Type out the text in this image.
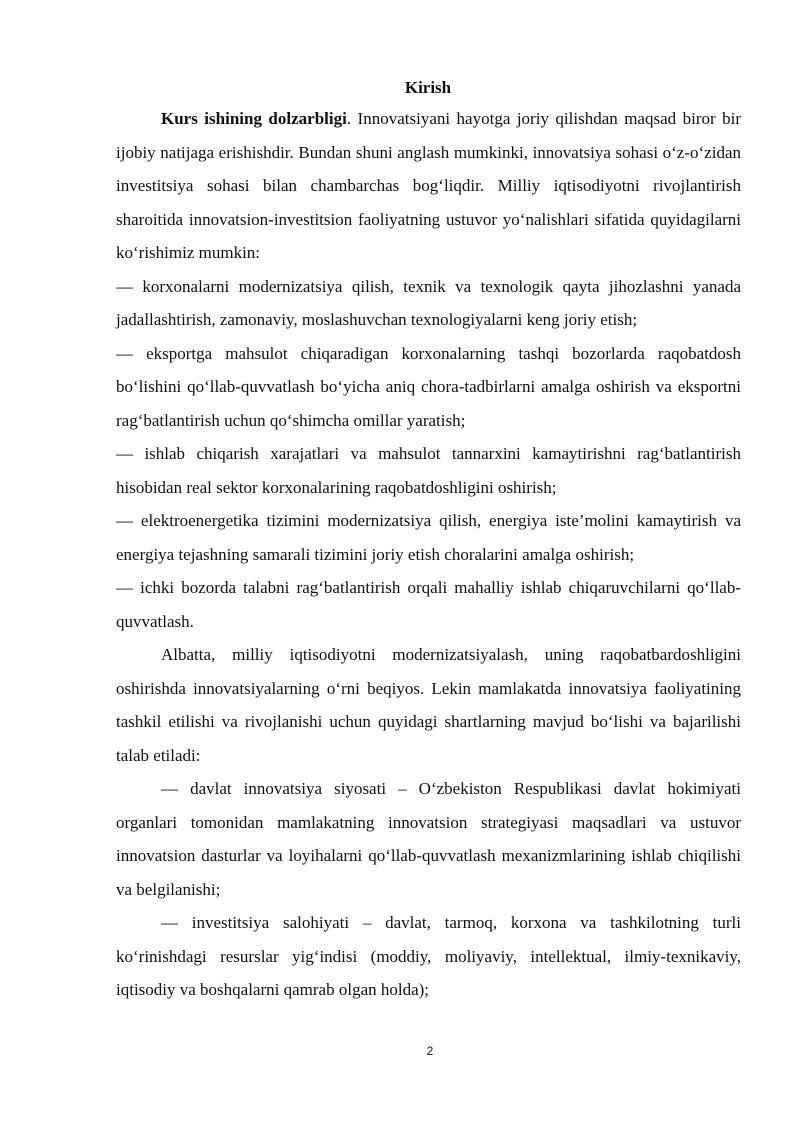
Kirish

Kurs ishining dolzarbligi. Innovatsiyani hayotga joriy qilishdan maqsad biror bir ijobiy natijaga erishishdir. Bundan shuni anglash mumkinki, innovatsiya sohasi o‘z-o‘zidan investitsiya sohasi bilan chambarchas bog‘liqdir. Milliy iqtisodiyotni rivojlantirish sharoitida innovatsion-investitsion faoliyatning ustuvor yo‘nalishlari sifatida quyidagilarni ko‘rishimiz mumkin:

— korxonalarni modernizatsiya qilish, texnik va texnologik qayta jihozlashni yanada jadallashtirish, zamonaviy, moslashuvchan texnologiyalarni keng joriy etish;

— eksportga mahsulot chiqaradigan korxonalarning tashqi bozorlarda raqobatdosh bo‘lishini qo‘llab-quvvatlash bo‘yicha aniq chora-tadbirlarni amalga oshirish va eksportni rag‘batlantirish uchun qo‘shimcha omillar yaratish;

— ishlab chiqarish xarajatlari va mahsulot tannarxini kamaytirishni rag‘batlantirish hisobidan real sektor korxonalarining raqobatdoshligini oshirish;

— elektroenergetika tizimini modernizatsiya qilish, energiya iste’molini kamaytirish va energiya tejashning samarali tizimini joriy etish choralarini amalga oshirish;

— ichki bozorda talabni rag‘batlantirish orqali mahalliy ishlab chiqaruvchilarni qo‘llab-quvvatlash.

Albatta, milliy iqtisodiyotni modernizatsiyalash, uning raqobatbardoshligini oshirishda innovatsiyalarning o‘rni beqiyos. Lekin mamlakatda innovatsiya faoliyatining tashkil etilishi va rivojlanishi uchun quyidagi shartlarning mavjud bo‘lishi va bajarilishi talab etiladi:

— davlat innovatsiya siyosati – O‘zbekiston Respublikasi davlat hokimiyati organlari tomonidan mamlakatning innovatsion strategiyasi maqsadlari va ustuvor innovatsion dasturlar va loyihalarni qo‘llab-quvvatlash mexanizmlarining ishlab chiqilishi va belgilanishi;

— investitsiya salohiyati – davlat, tarmoq, korxona va tashkilotning turli ko‘rinishdagi resurslar yig‘indisi (moddiy, moliyaviy, intellektual, ilmiy-texnikaviy, iqtisodiy va boshqalarni qamrab olgan holda);

2
